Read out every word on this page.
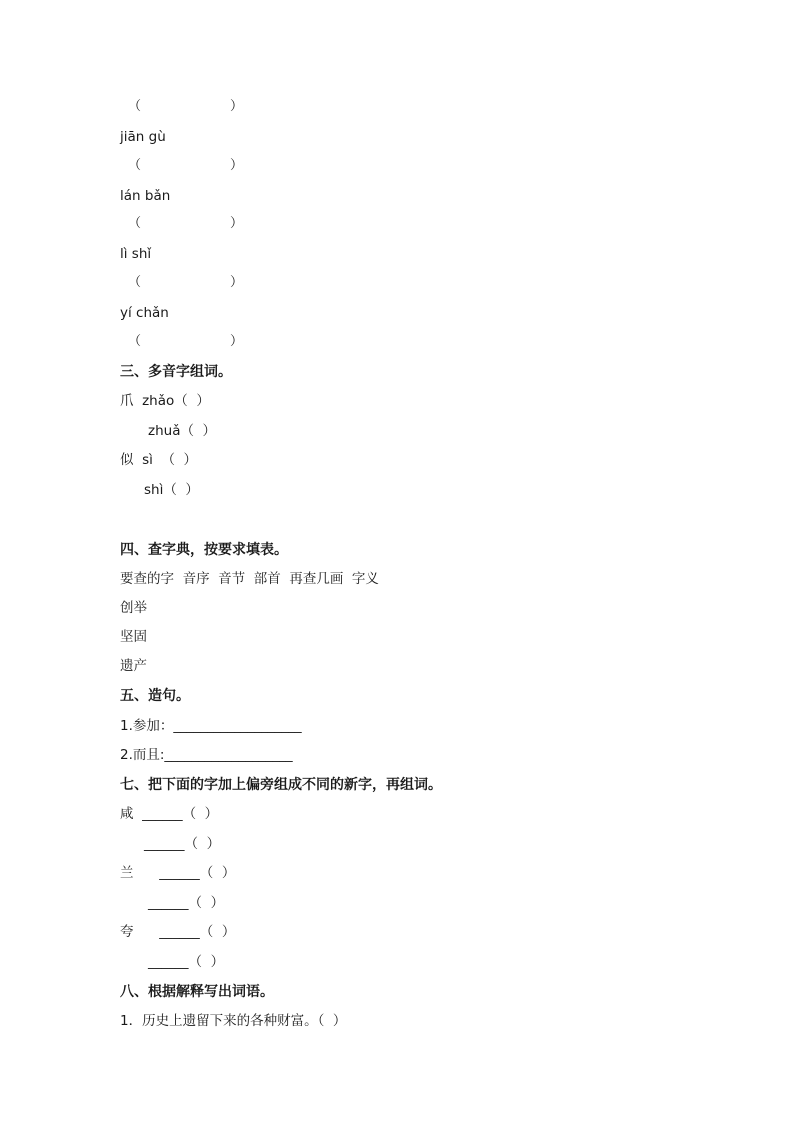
（	）
jiān gù
（	）
lán bǎn
（	）
lì shǐ
（	）
yí chǎn
（	）
三、多音字组词。
爪  zhǎo（  ）
zhuǎ（  ）
似  sì  （  ）
shì（  ）
四、查字典，按要求填表。
要查的字  音序  音节  部首  再查几画  字义
创举
坚固
遗产
五、造句。
1.参加：___________________
2.而且:___________________
七、把下面的字加上偏旁组成不同的新字，再组词。
咸  ______（  ）
______（  ）
兰      ______（  ）
______（  ）
夸      ______（  ）
______（  ）
八、根据解释写出词语。
1．历史上遗留下来的各种财富。（  ）
